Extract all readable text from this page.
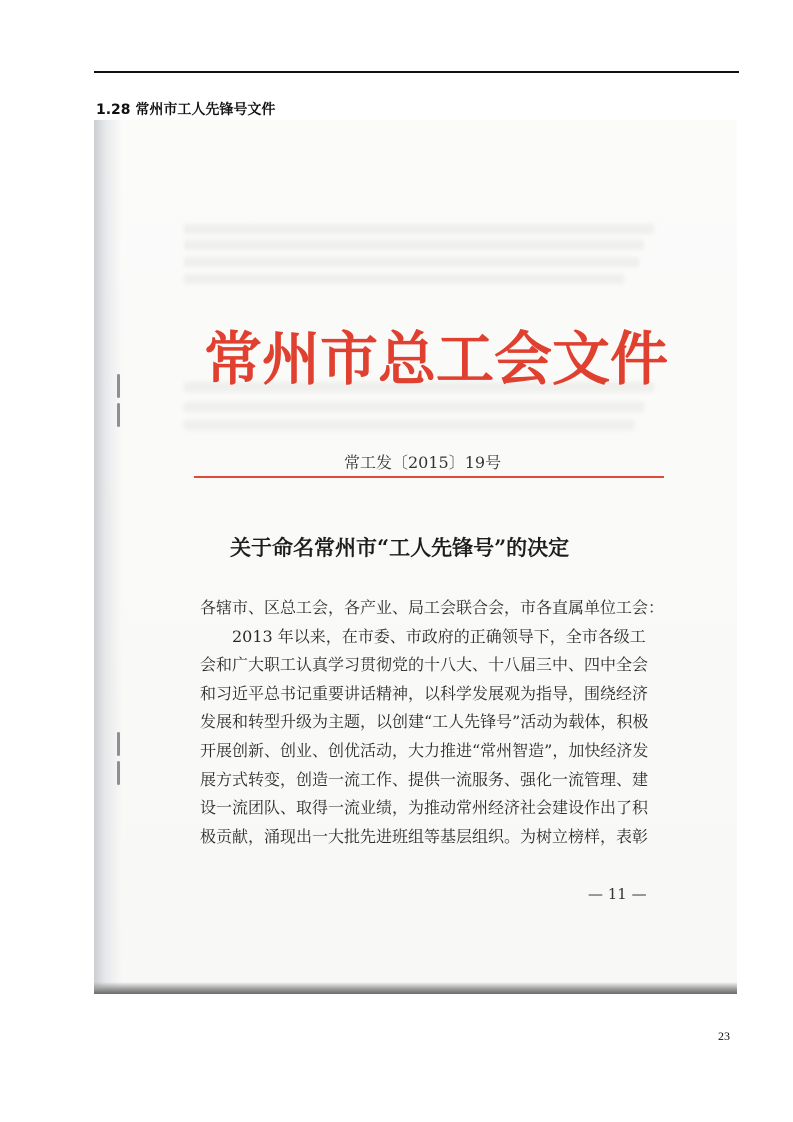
1.28 常州市工人先锋号文件
常州市总工会文件
常工发〔2015〕19号
关于命名常州市“工人先锋号”的决定
各辖市、区总工会，各产业、局工会联合会，市各直属单位工会：
　　2013 年以来，在市委、市政府的正确领导下，全市各级工
会和广大职工认真学习贯彻党的十八大、十八届三中、四中全会
和习近平总书记重要讲话精神，以科学发展观为指导，围绕经济
发展和转型升级为主题，以创建“工人先锋号”活动为载体，积极
开展创新、创业、创优活动，大力推进“常州智造”，加快经济发
展方式转变，创造一流工作、提供一流服务、强化一流管理、建
设一流团队、取得一流业绩，为推动常州经济社会建设作出了积
极贡献，涌现出一大批先进班组等基层组织。为树立榜样，表彰
— 11 —
23
